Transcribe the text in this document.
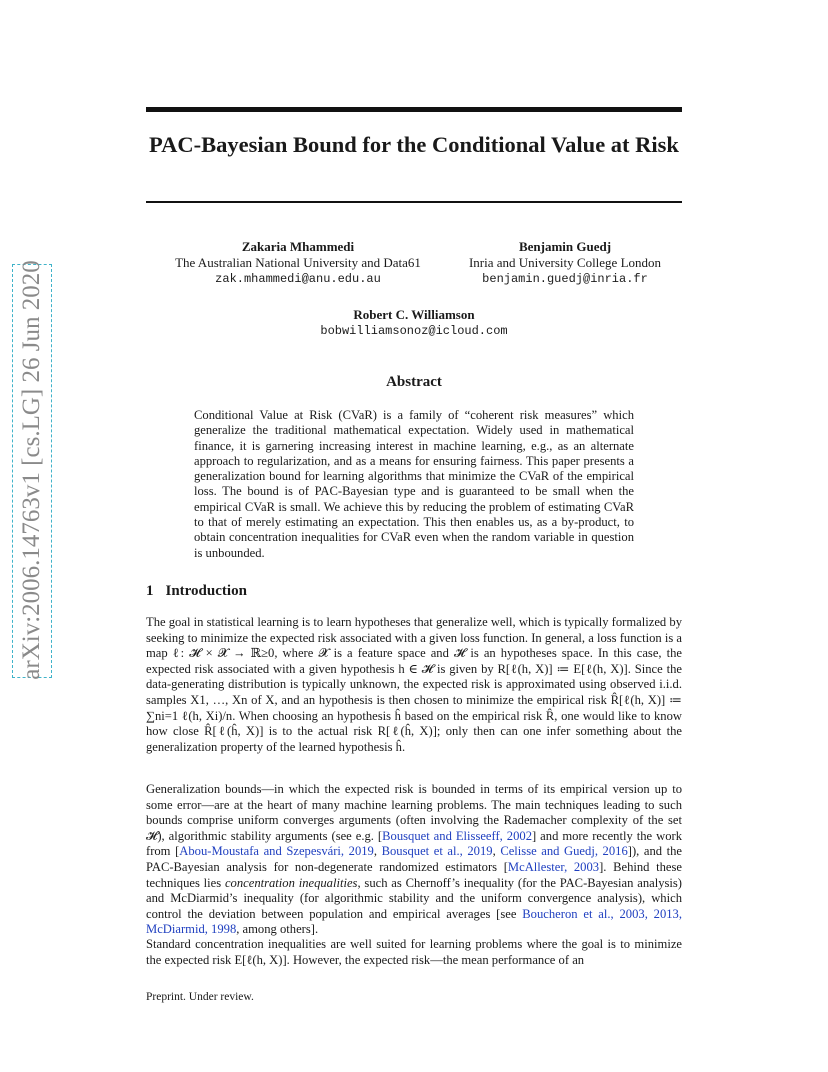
arXiv:2006.14763v1 [cs.LG] 26 Jun 2020
PAC-Bayesian Bound for the Conditional Value at Risk
Zakaria Mhammedi
The Australian National University and Data61
zak.mhammedi@anu.edu.au
Benjamin Guedj
Inria and University College London
benjamin.guedj@inria.fr
Robert C. Williamson
bobwilliamsonoz@icloud.com
Abstract
Conditional Value at Risk (CVaR) is a family of “coherent risk measures” which generalize the traditional mathematical expectation. Widely used in mathematical finance, it is garnering increasing interest in machine learning, e.g., as an alternate approach to regularization, and as a means for ensuring fairness. This paper presents a generalization bound for learning algorithms that minimize the CVaR of the empirical loss. The bound is of PAC-Bayesian type and is guaranteed to be small when the empirical CVaR is small. We achieve this by reducing the problem of estimating CVaR to that of merely estimating an expectation. This then enables us, as a by-product, to obtain concentration inequalities for CVaR even when the random variable in question is unbounded.
1 Introduction

The goal in statistical learning is to learn hypotheses that generalize well, which is typically formalized by seeking to minimize the expected risk associated with a given loss function. In general, a loss function is a map ℓ: 𝓗 × 𝓧 → ℝ≥0, where 𝓧 is a feature space and 𝓗 is an hypotheses space. In this case, the expected risk associated with a given hypothesis h ∈ 𝓗 is given by R[ℓ(h, X)] ≔ E[ℓ(h, X)]. Since the data-generating distribution is typically unknown, the expected risk is approximated using observed i.i.d. samples X1, …, Xn of X, and an hypothesis is then chosen to minimize the empirical risk R̂[ℓ(h, X)] ≔ ∑ni=1 ℓ(h, Xi)/n. When choosing an hypothesis ĥ based on the empirical risk R̂, one would like to know how close R̂[ℓ(ĥ, X)] is to the actual risk R[ℓ(ĥ, X)]; only then can one infer something about the generalization property of the learned hypothesis ĥ.

Generalization bounds—in which the expected risk is bounded in terms of its empirical version up to some error—are at the heart of many machine learning problems. The main techniques leading to such bounds comprise uniform converges arguments (often involving the Rademacher complexity of the set 𝓗), algorithmic stability arguments (see e.g. [Bousquet and Elisseeff, 2002] and more recently the work from [Abou-Moustafa and Szepesvári, 2019, Bousquet et al., 2019, Celisse and Guedj, 2016]), and the PAC-Bayesian analysis for non-degenerate randomized estimators [McAllester, 2003]. Behind these techniques lies concentration inequalities, such as Chernoff’s inequality (for the PAC-Bayesian analysis) and McDiarmid’s inequality (for algorithmic stability and the uniform convergence analysis), which control the deviation between population and empirical averages [see Boucheron et al., 2003, 2013, McDiarmid, 1998, among others].

Standard concentration inequalities are well suited for learning problems where the goal is to minimize the expected risk E[ℓ(h, X)]. However, the expected risk—the mean performance of an

Preprint. Under review.
